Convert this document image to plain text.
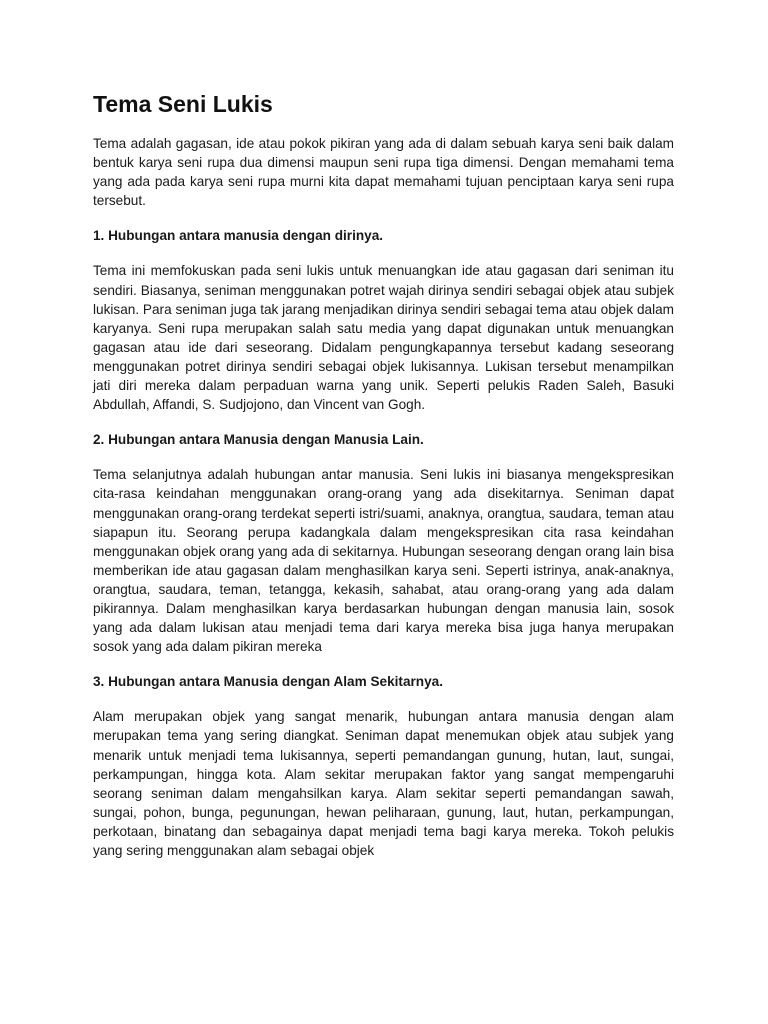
Tema Seni Lukis

Tema adalah gagasan, ide atau pokok pikiran yang ada di dalam sebuah karya seni baik dalam bentuk karya seni rupa dua dimensi maupun seni rupa tiga dimensi. Dengan memahami tema yang ada pada karya seni rupa murni kita dapat memahami tujuan penciptaan karya seni rupa tersebut.

1. Hubungan antara manusia dengan dirinya.

Tema ini memfokuskan pada seni lukis untuk menuangkan ide atau gagasan dari seniman itu sendiri. Biasanya, seniman menggunakan potret wajah dirinya sendiri sebagai objek atau subjek lukisan. Para seniman juga tak jarang menjadikan dirinya sendiri sebagai tema atau objek dalam karyanya. Seni rupa merupakan salah satu media yang dapat digunakan untuk menuangkan gagasan atau ide dari seseorang. Didalam pengungkapannya tersebut kadang seseorang menggunakan potret dirinya sendiri sebagai objek lukisannya. Lukisan tersebut menampilkan jati diri mereka dalam perpaduan warna yang unik. Seperti pelukis Raden Saleh, Basuki Abdullah, Affandi, S. Sudjojono, dan Vincent van Gogh.

2. Hubungan antara Manusia dengan Manusia Lain.

Tema selanjutnya adalah hubungan antar manusia. Seni lukis ini biasanya mengekspresikan cita-rasa keindahan menggunakan orang-orang yang ada disekitarnya. Seniman dapat menggunakan orang-orang terdekat seperti istri/suami, anaknya, orangtua, saudara, teman atau siapapun itu. Seorang perupa kadangkala dalam mengekspresikan cita rasa keindahan menggunakan objek orang yang ada di sekitarnya. Hubungan seseorang dengan orang lain bisa memberikan ide atau gagasan dalam menghasilkan karya seni. Seperti istrinya, anak-anaknya, orangtua, saudara, teman, tetangga, kekasih, sahabat, atau orang-orang yang ada dalam pikirannya. Dalam menghasilkan karya berdasarkan hubungan dengan manusia lain, sosok yang ada dalam lukisan atau menjadi tema dari karya mereka bisa juga hanya merupakan sosok yang ada dalam pikiran mereka

3. Hubungan antara Manusia dengan Alam Sekitarnya.

Alam merupakan objek yang sangat menarik, hubungan antara manusia dengan alam merupakan tema yang sering diangkat. Seniman dapat menemukan objek atau subjek yang menarik untuk menjadi tema lukisannya, seperti pemandangan gunung, hutan, laut, sungai, perkampungan, hingga kota. Alam sekitar merupakan faktor yang sangat mempengaruhi seorang seniman dalam mengahsilkan karya. Alam sekitar seperti pemandangan sawah, sungai, pohon, bunga, pegunungan, hewan peliharaan, gunung, laut, hutan, perkampungan, perkotaan, binatang dan sebagainya dapat menjadi tema bagi karya mereka. Tokoh pelukis yang sering menggunakan alam sebagai objek
